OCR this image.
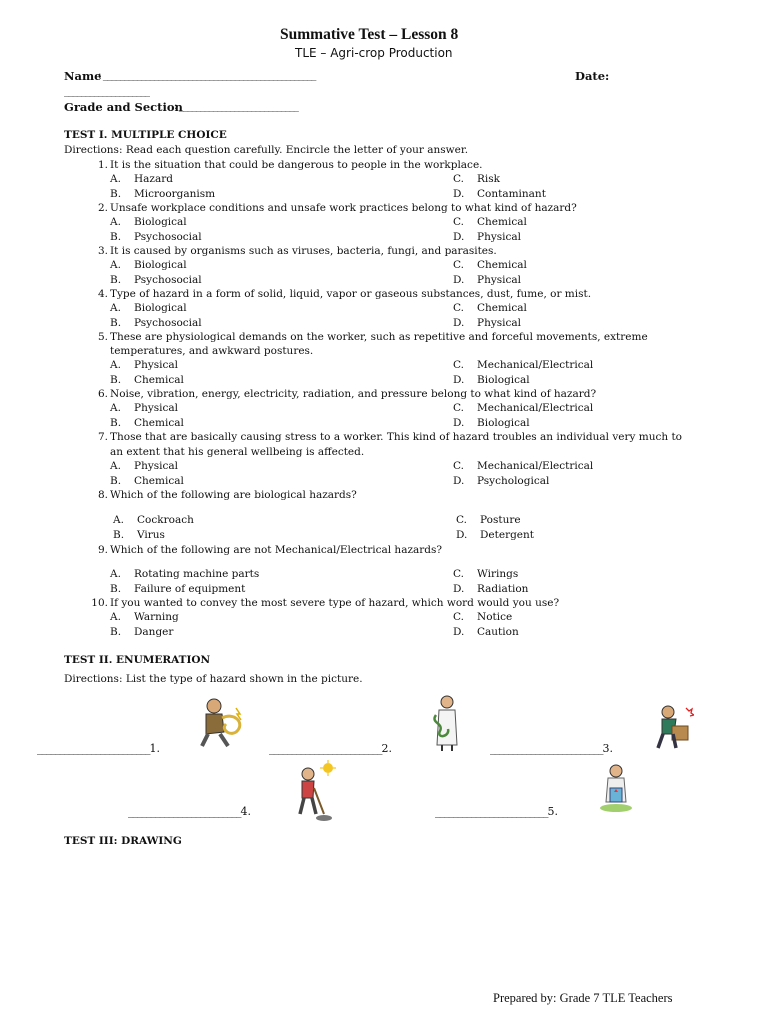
Summative Test – Lesson 8
TLE – Agri-crop Production
Name
: __________________________________________________	Date:
____________________
Grade and Section
: ____________________________
TEST I. MULTIPLE CHOICE
Directions: Read each question carefully. Encircle the letter of your answer.
1. It is the situation that could be dangerous to people in the workplace.
A. Hazard
B. Microorganism
C. Risk
D. Contaminant
2. Unsafe workplace conditions and unsafe work practices belong to what kind of hazard?
A. Biological
B. Psychosocial
C. Chemical
D. Physical
3. It is caused by organisms such as viruses, bacteria, fungi, and parasites.
A. Biological
B. Psychosocial
C. Chemical
D. Physical
4. Type of hazard in a form of solid, liquid, vapor or gaseous substances, dust, fume, or mist.
A. Biological
B. Psychosocial
C. Chemical
D. Physical
5. These are physiological demands on the worker, such as repetitive and forceful movements, extreme
temperatures, and awkward postures.
A. Physical
B. Chemical
C. Mechanical/Electrical
D. Biological
6. Noise, vibration, energy, electricity, radiation, and pressure belong to what kind of hazard?
A. Physical
B. Chemical
C. Mechanical/Electrical
D. Biological
7. Those that are basically causing stress to a worker. This kind of hazard troubles an individual very much to
an extent that his general wellbeing is affected.
A. Physical
B. Chemical
C. Mechanical/Electrical
D. Psychological
8. Which of the following are biological hazards?
A. Cockroach
B. Virus
C. Posture
D. Detergent
9. Which of the following are not Mechanical/Electrical hazards?
A. Rotating machine parts
B. Failure of equipment
C. Wirings
D. Radiation
10. If you wanted to convey the most severe type of hazard, which word would you use?
A. Warning
B. Danger
C. Notice
D. Caution
TEST II. ENUMERATION
Directions: List the type of hazard shown in the picture.
_________________________1.	_________________________2.	_________________________3.
_________________________4.	_________________________5.
TEST III: DRAWING
Prepared by: Grade 7 TLE Teachers
